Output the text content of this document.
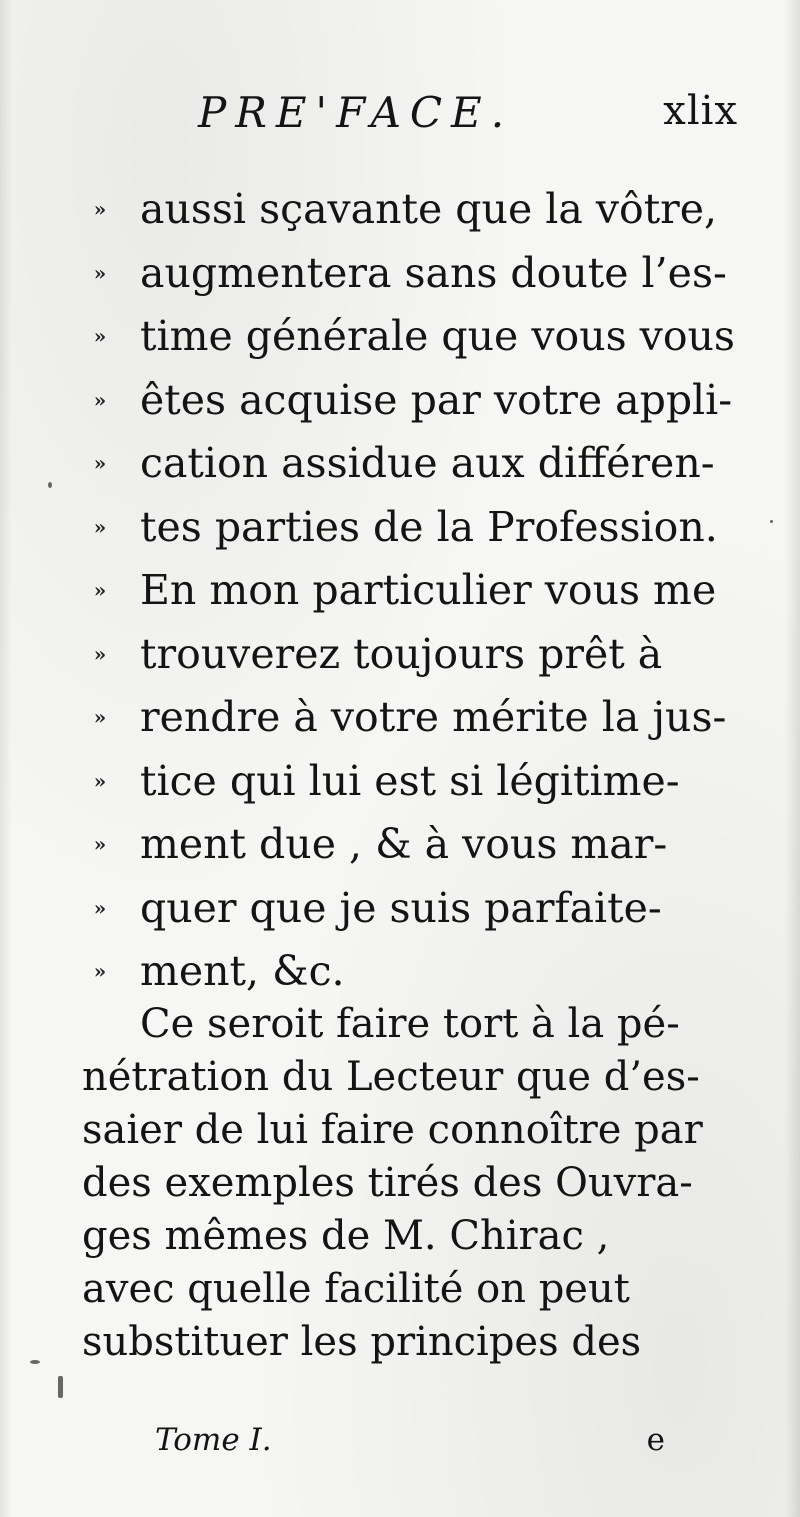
PRE'FACE.	xlix
» aussi sçavante que la vôtre,
» augmentera sans doute l’es-
» time générale que vous vous
» êtes acquise par votre appli-
» cation assidue aux différen-
» tes parties de la Profession.
» En mon particulier vous me
» trouverez toujours prêt à
» rendre à votre mérite la jus-
» tice qui lui est si légitime-
» ment due , & à vous mar-
» quer que je suis parfaite-
» ment, &c.
Ce seroit faire tort à la pé-
nétration du Lecteur que d’es-
saier de lui faire connoître par
des exemples tirés des Ouvra-
ges mêmes de M. Chirac ,
avec quelle facilité on peut
substituer les principes des
Tome I.	e
